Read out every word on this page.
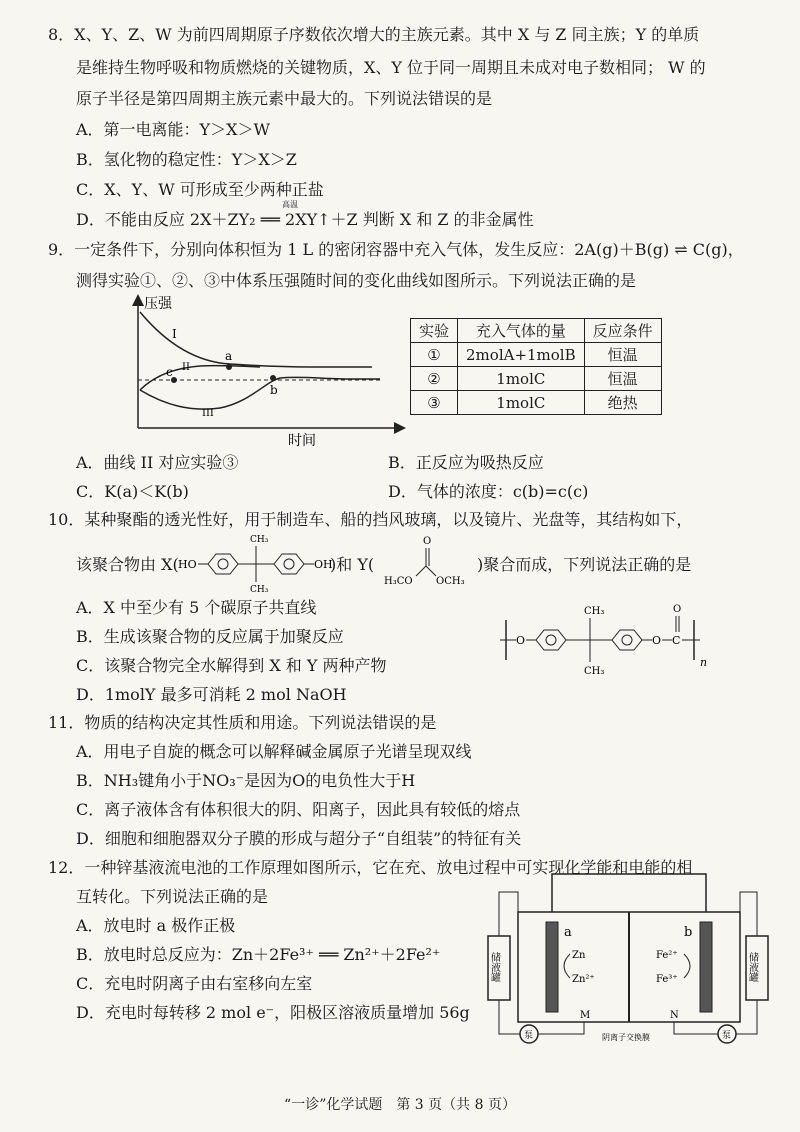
8．X、Y、Z、W 为前四周期原子序数依次增大的主族元素。其中 X 与 Z 同主族；Y 的单质
是维持生物呼吸和物质燃烧的关键物质，X、Y 位于同一周期且未成对电子数相同； W 的
原子半径是第四周期主族元素中最大的。下列说法错误的是
A．第一电离能：Y＞X＞W
B．氢化物的稳定性：Y＞X＞Z
C．X、Y、W 可形成至少两种正盐
D．不能由反应 2X＋ZY₂ ══ 2XY↑＋Z 判断 X 和 Z 的非金属性
高温
9．一定条件下，分别向体积恒为 1 L 的密闭容器中充入气体，发生反应：2A(g)＋B(g) ⇌ C(g)，
测得实验①、②、③中体系压强随时间的变化曲线如图所示。下列说法正确的是
压强
时间
I
II
III
a
b
c
实验	充入气体的量	反应条件
①	2molA+1molB	恒温
②	1molC	恒温
③	1molC	绝热
A．曲线 II 对应实验③	B．正反应为吸热反应
C．K(a)＜K(b)	D．气体的浓度：c(b)=c(c)
10．某种聚酯的透光性好，用于制造车、船的挡风玻璃，以及镜片、光盘等，其结构如下，
该聚合物由 X( HO
CH₃
CH₃
OH
)和 Y(
H₃CO
O
OCH₃
)聚合而成，下列说法正确的是
A．X 中至少有 5 个碳原子共直线
B．生成该聚合物的反应属于加聚反应
C．该聚合物完全水解得到 X 和 Y 两种产物
D．1molY 最多可消耗 2 mol NaOH
O
CH₃
CH₃
O C
O
n
11．物质的结构决定其性质和用途。下列说法错误的是
A．用电子自旋的概念可以解释碱金属原子光谱呈现双线
B．NH₃键角小于NO₃⁻是因为O的电负性大于H
C．离子液体含有体积很大的阴、阳离子，因此具有较低的熔点
D．细胞和细胞器双分子膜的形成与超分子“自组装”的特征有关
12．一种锌基液流电池的工作原理如图所示，它在充、放电过程中可实现化学能和电能的相
互转化。下列说法正确的是
A．放电时 a 极作正极
B．放电时总反应为：Zn＋2Fe³⁺ ══ Zn²⁺＋2Fe²⁺
C．充电时阴离子由右室移向左室
D．充电时每转移 2 mol e⁻，阳极区溶液质量增加 56g
a	b
Zn
Zn²⁺
Fe²⁺
Fe³⁺
储液罐	储液罐
泵	泵
M	N
阴离子交换膜
“一诊”化学试题　第 3 页（共 8 页）
